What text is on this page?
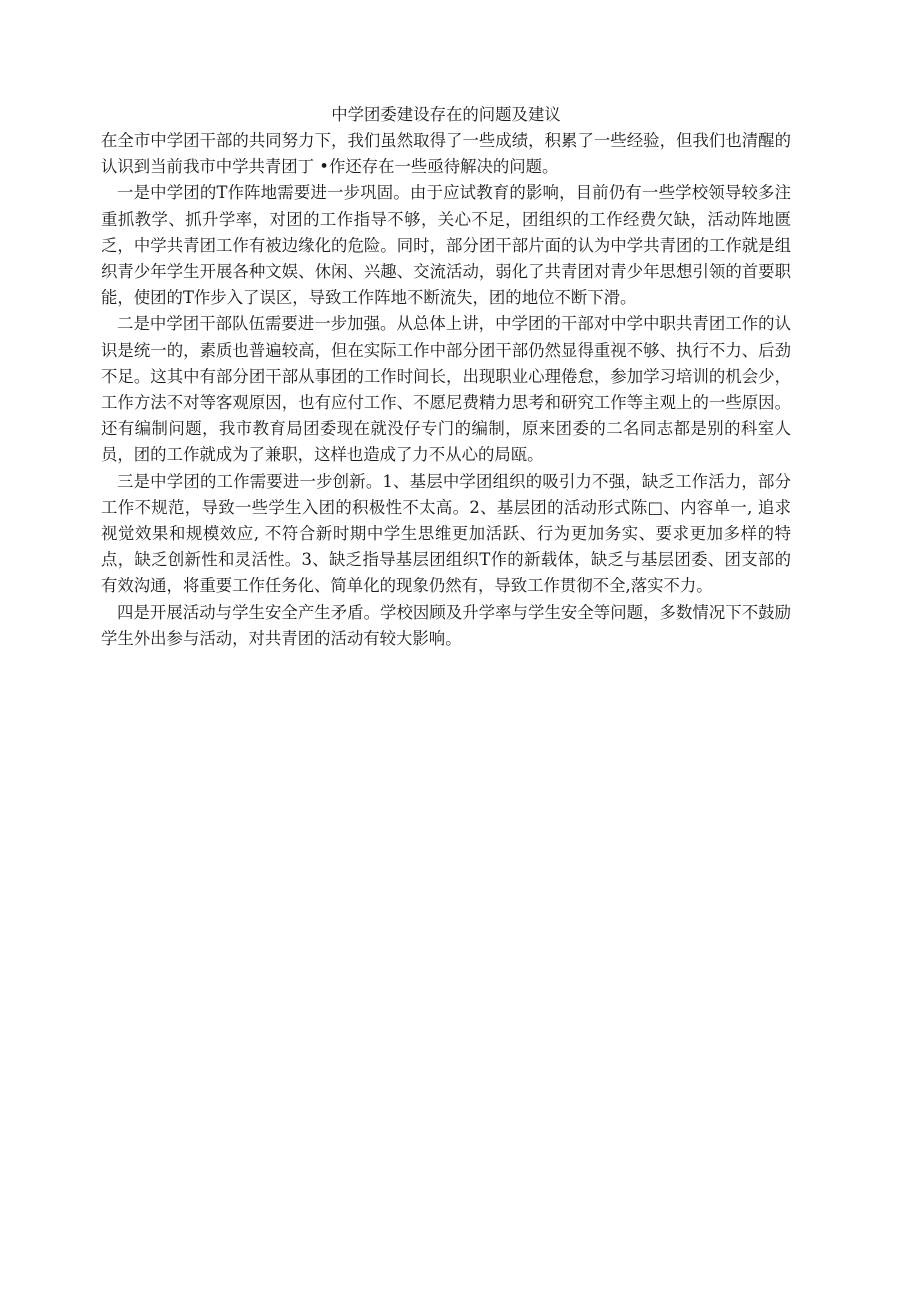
中学团委建设存在的问题及建议

在全市中学团干部的共同努力下，我们虽然取得了一些成绩，积累了一些经验，但我们也清醒的认识到当前我市中学共青团丁 •作还存在一些亟待解决的问题。

一是中学团的T作阵地需要进一步巩固。由于应试教育的影响，目前仍有一些学校领导较多注重抓教学、抓升学率，对团的工作指导不够，关心不足，团组织的工作经费欠缺，活动阵地匮乏，中学共青团工作有被边缘化的危险。同时，部分团干部片面的认为中学共青团的工作就是组织青少年学生开展各种文娱、休闲、兴趣、交流活动，弱化了共青团对青少年思想引领的首要职能，使团的T作步入了误区，导致工作阵地不断流失，团的地位不断下滑。

二是中学团干部队伍需要进一步加强。从总体上讲，中学团的干部对中学中职共青团工作的认识是统一的，素质也普遍较高，但在实际工作中部分团干部仍然显得重视不够、执行不力、后劲不足。这其中有部分团干部从事团的工作时间长，出现职业心理倦怠，参加学习培训的机会少，工作方法不对等客观原因，也有应付工作、不愿尼费精力思考和研究工作等主观上的一些原因。还有编制问题，我市教育局团委现在就没仔专门的编制，原来团委的二名同志都是别的科室人员，团的工作就成为了兼职，这样也造成了力不从心的局瓯。

三是中学团的工作需要进一步创新。1、基层中学团组织的吸引力不强，缺乏工作活力，部分工作不规范，导致一些学生入团的积极性不太高。2、基层团的活动形式陈□、内容单一, 追求视觉效果和规模效应, 不符合新时期中学生思维更加活跃、行为更加务实、要求更加多样的特点，缺乏创新性和灵活性。3、缺乏指导基层团组织T作的新载体，缺乏与基层团委、团支部的有效沟通，将重要工作任务化、简单化的现象仍然有，导致工作贯彻不全,落实不力。

四是开展活动与学生安全产生矛盾。学校因顾及升学率与学生安全等问题，多数情况下不鼓励学生外出参与活动，对共青团的活动有较大影响。
